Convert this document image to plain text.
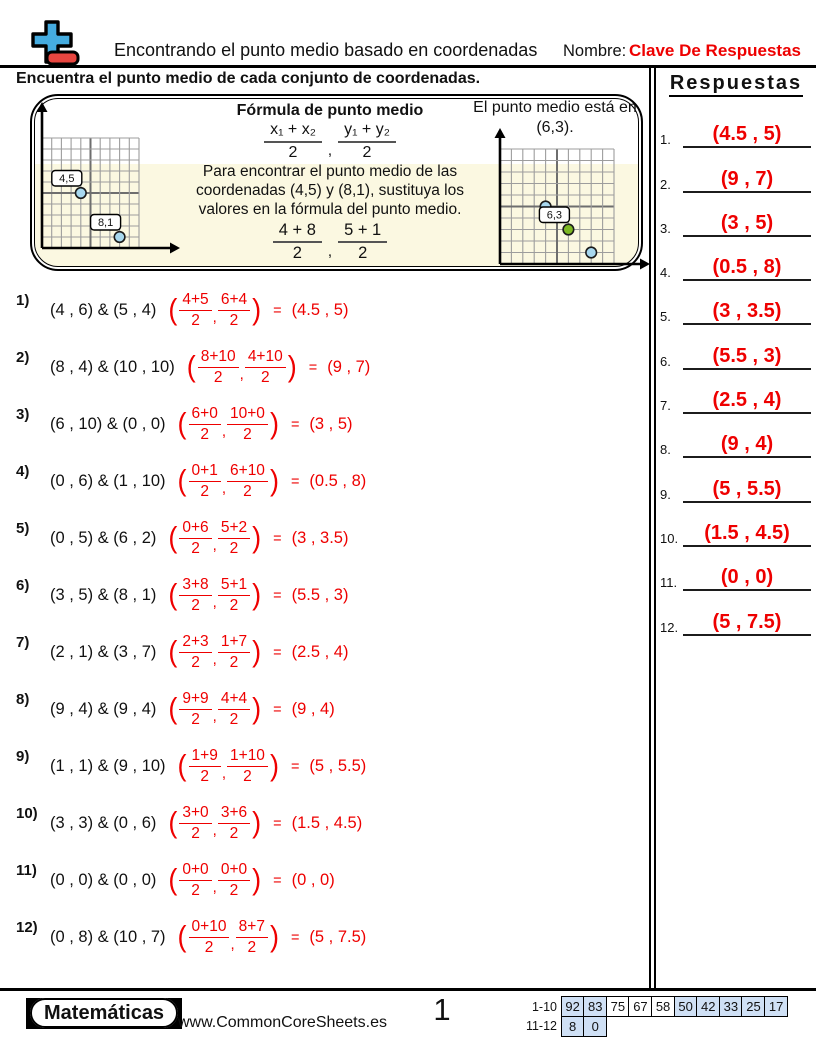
Encontrando el punto medio basado en coordenadas Nombre: Clave De Respuestas
Encuentra el punto medio de cada conjunto de coordenadas.
4,5
8,1
Fórmula de punto medio
$\frac{\text{x₁ + x₂}}{2}$ , $\frac{\text{y₁ + y₂}}{2}$
Para encontrar el punto medio de las coordenadas (4,5) y (8,1), sustituya los valores en la fórmula del punto medio.
$\frac{4 + 8}{2}$ , $\frac{5 + 1}{2}$
El punto medio está en
(6,3).
6,3
1)
(4 , 6) & (5 , 4) ( $\frac{4+5}{2}$ , $\frac{6+4}{2}$ ) = (4.5 , 5)
2)
(8 , 4) & (10 , 10) ( $\frac{8+10}{2}$ , $\frac{4+10}{2}$ ) = (9 , 7)
3)
(6 , 10) & (0 , 0) ( $\frac{6+0}{2}$ , $\frac{10+0}{2}$ ) = (3 , 5)
4)
(0 , 6) & (1 , 10) ( $\frac{0+1}{2}$ , $\frac{6+10}{2}$ ) = (0.5 , 8)
5)
(0 , 5) & (6 , 2) ( $\frac{0+6}{2}$ , $\frac{5+2}{2}$ ) = (3 , 3.5)
6)
(3 , 5) & (8 , 1) ( $\frac{3+8}{2}$ , $\frac{5+1}{2}$ ) = (5.5 , 3)
7)
(2 , 1) & (3 , 7) ( $\frac{2+3}{2}$ , $\frac{1+7}{2}$ ) = (2.5 , 4)
8)
(9 , 4) & (9 , 4) ( $\frac{9+9}{2}$ , $\frac{4+4}{2}$ ) = (9 , 4)
9)
(1 , 1) & (9 , 10) ( $\frac{1+9}{2}$ , $\frac{1+10}{2}$ ) = (5 , 5.5)
10)
(3 , 3) & (0 , 6) ( $\frac{3+0}{2}$ , $\frac{3+6}{2}$ ) = (1.5 , 4.5)
11)
(0 , 0) & (0 , 0) ( $\frac{0+0}{2}$ , $\frac{0+0}{2}$ ) = (0 , 0)
12)
(0 , 8) & (10 , 7) ( $\frac{0+10}{2}$ , $\frac{8+7}{2}$ ) = (5 , 7.5)
Respuestas
1.	(4.5 , 5)
2.	(9 , 7)
3.	(3 , 5)
4.	(0.5 , 8)
5.	(3 , 3.5)
6.	(5.5 , 3)
7.	(2.5 , 4)
8.	(9 , 4)
9.	(5 , 5.5)
10.	(1.5 , 4.5)
11.	(0 , 0)
12.	(5 , 7.5)
Matemáticas www.CommonCoreSheets.es	1	1-10 92 83 75 67 58 50 42 33 25 17
11-12 8	0
